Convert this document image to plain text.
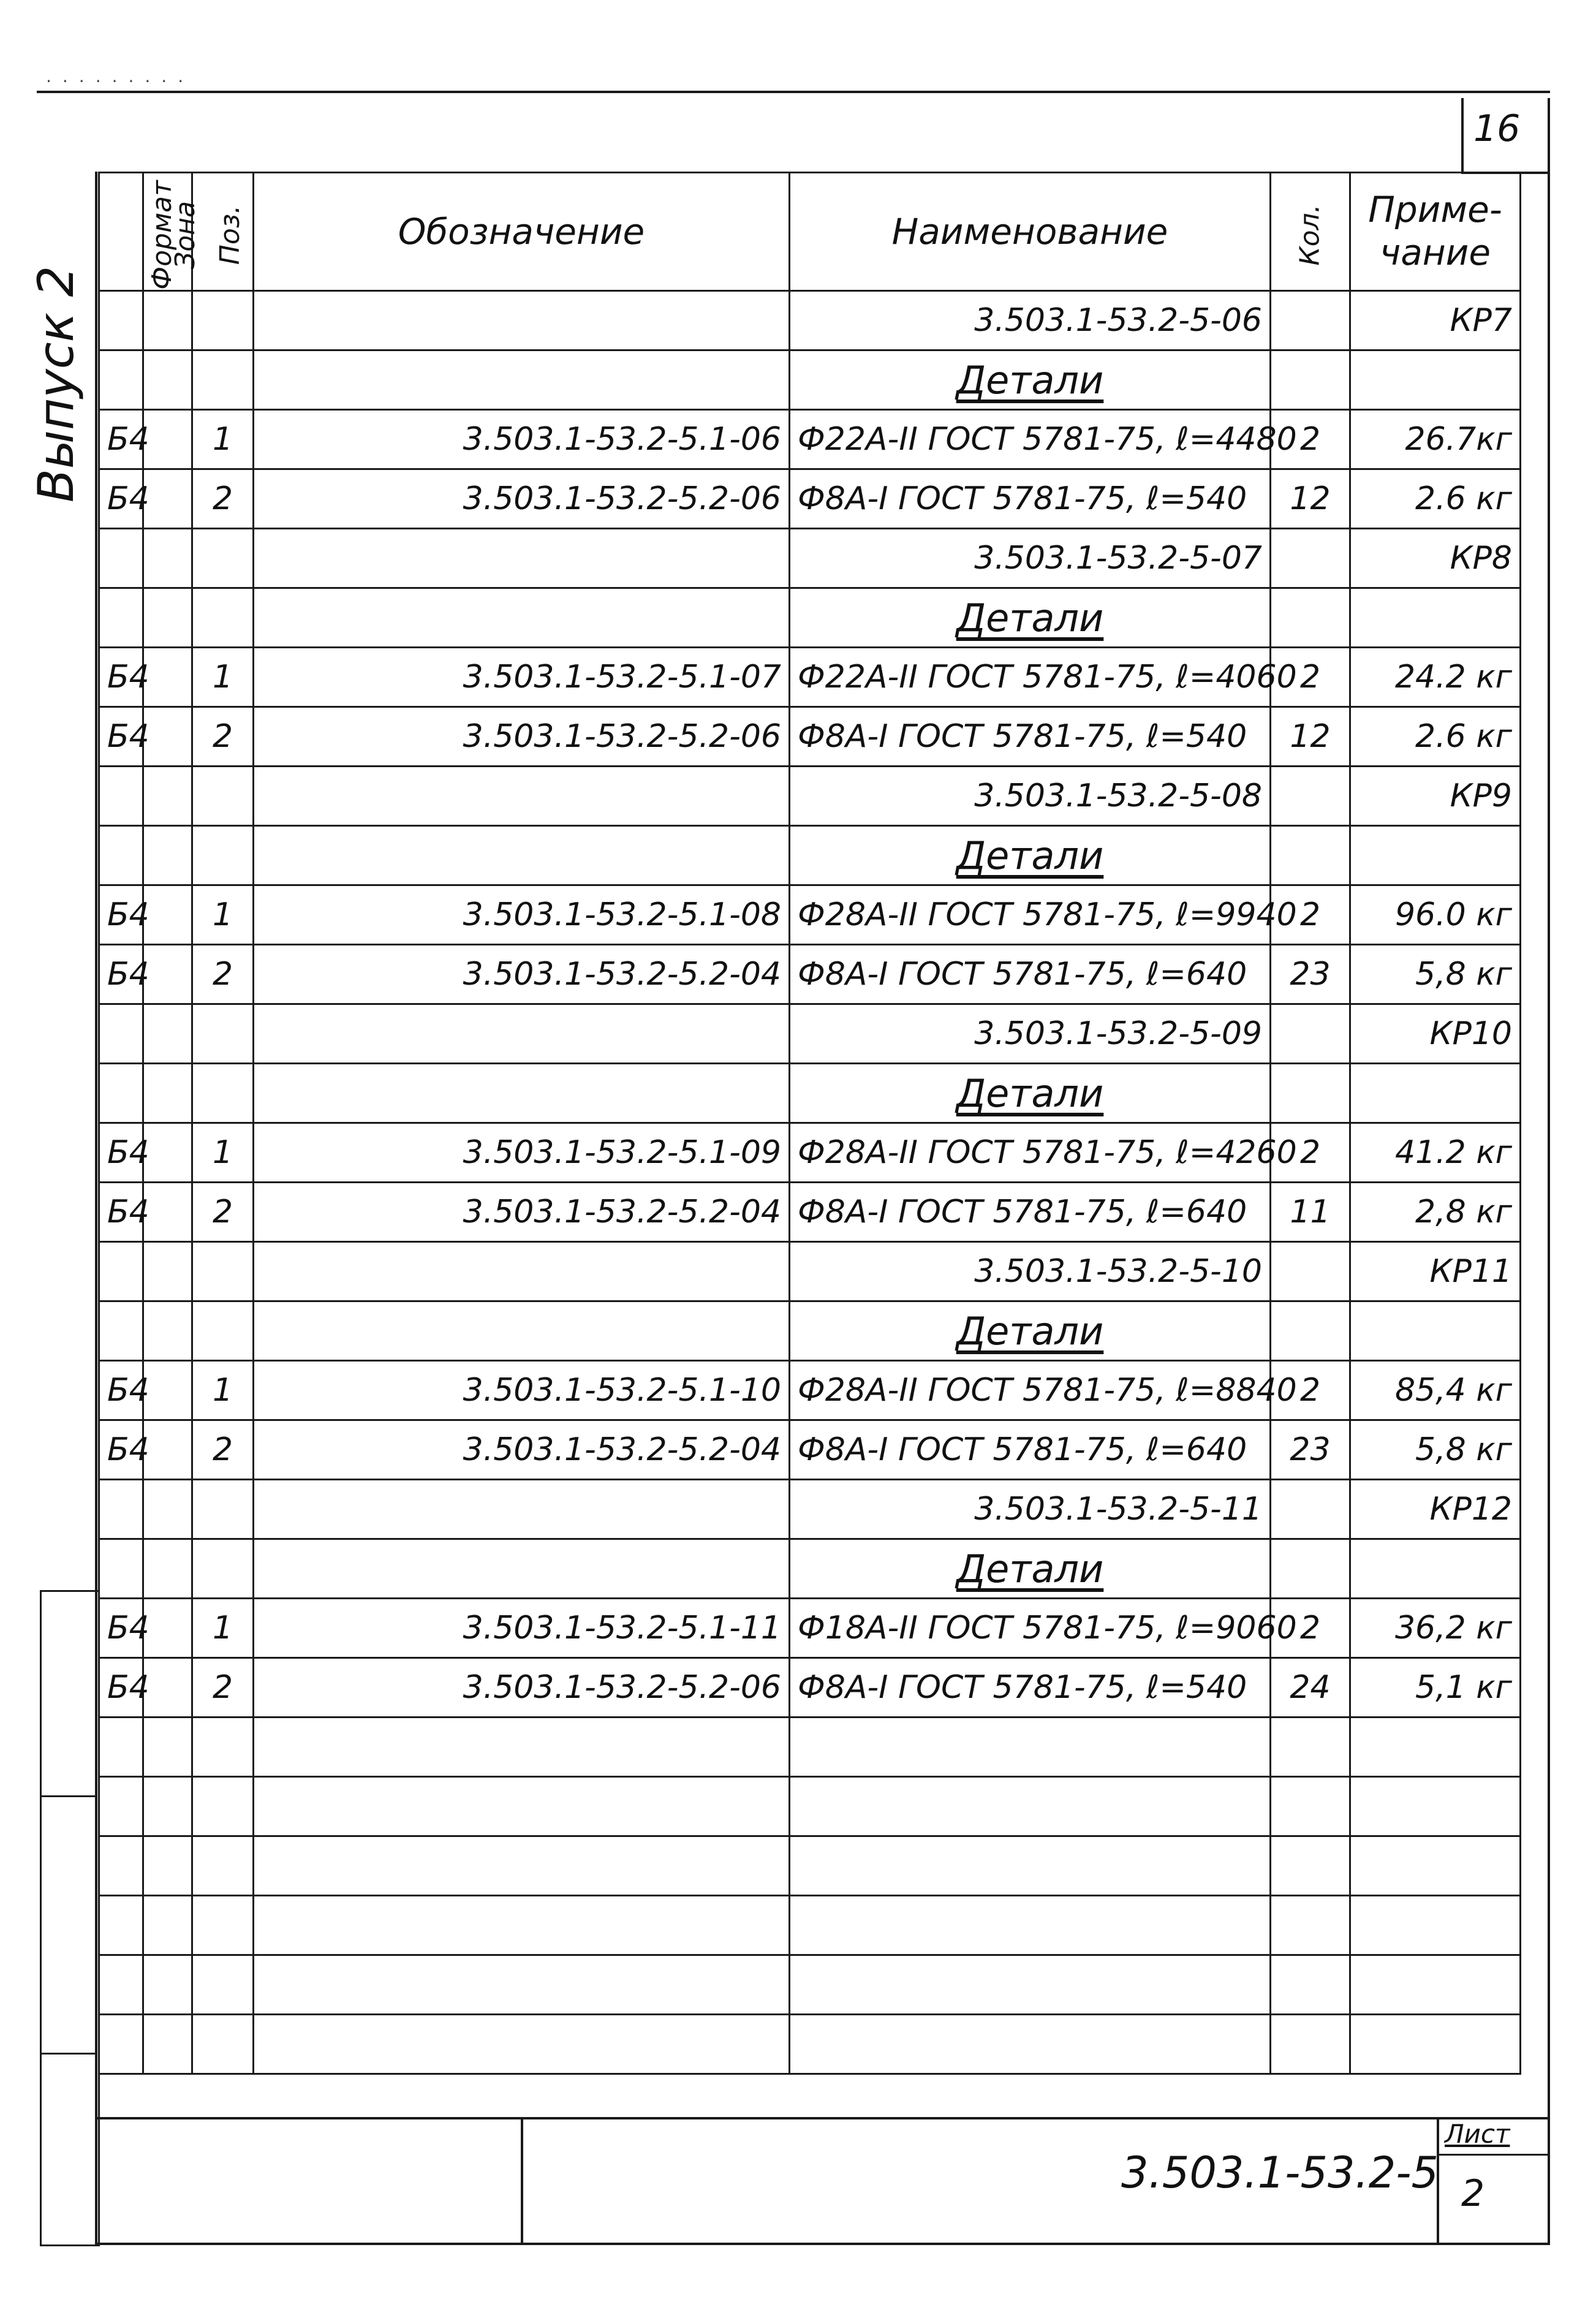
.........
16
Выпуск 2
Формат	Зона	Поз.	Обозначение	Наименование	Кол.	Приме-чание
				3.503.1-53.2-5-06		КР7
				Детали		
Б4		1	3.503.1-53.2-5.1-06	Ф22А-II ГОСТ 5781-75, ℓ=4480	2	26.7кг
Б4		2	3.503.1-53.2-5.2-06	Ф8А-I ГОСТ 5781-75, ℓ=540	12	2.6 кг
				3.503.1-53.2-5-07		КР8
				Детали		
Б4		1	3.503.1-53.2-5.1-07	Ф22А-II ГОСТ 5781-75, ℓ=4060	2	24.2 кг
Б4		2	3.503.1-53.2-5.2-06	Ф8А-I ГОСТ 5781-75, ℓ=540	12	2.6 кг
				3.503.1-53.2-5-08		КР9
				Детали		
Б4		1	3.503.1-53.2-5.1-08	Ф28А-II ГОСТ 5781-75, ℓ=9940	2	96.0 кг
Б4		2	3.503.1-53.2-5.2-04	Ф8А-I ГОСТ 5781-75, ℓ=640	23	5,8 кг
				3.503.1-53.2-5-09		КР10
				Детали		
Б4		1	3.503.1-53.2-5.1-09	Ф28А-II ГОСТ 5781-75, ℓ=4260	2	41.2 кг
Б4		2	3.503.1-53.2-5.2-04	Ф8А-I ГОСТ 5781-75, ℓ=640	11	2,8 кг
				3.503.1-53.2-5-10		КР11
				Детали		
Б4		1	3.503.1-53.2-5.1-10	Ф28А-II ГОСТ 5781-75, ℓ=8840	2	85,4 кг
Б4		2	3.503.1-53.2-5.2-04	Ф8А-I ГОСТ 5781-75, ℓ=640	23	5,8 кг
				3.503.1-53.2-5-11		КР12
				Детали		
Б4		1	3.503.1-53.2-5.1-11	Ф18А-II ГОСТ 5781-75, ℓ=9060	2	36,2 кг
Б4		2	3.503.1-53.2-5.2-06	Ф8А-I ГОСТ 5781-75, ℓ=540	24	5,1 кг

3.503.1-53.2-5
Лист
2
